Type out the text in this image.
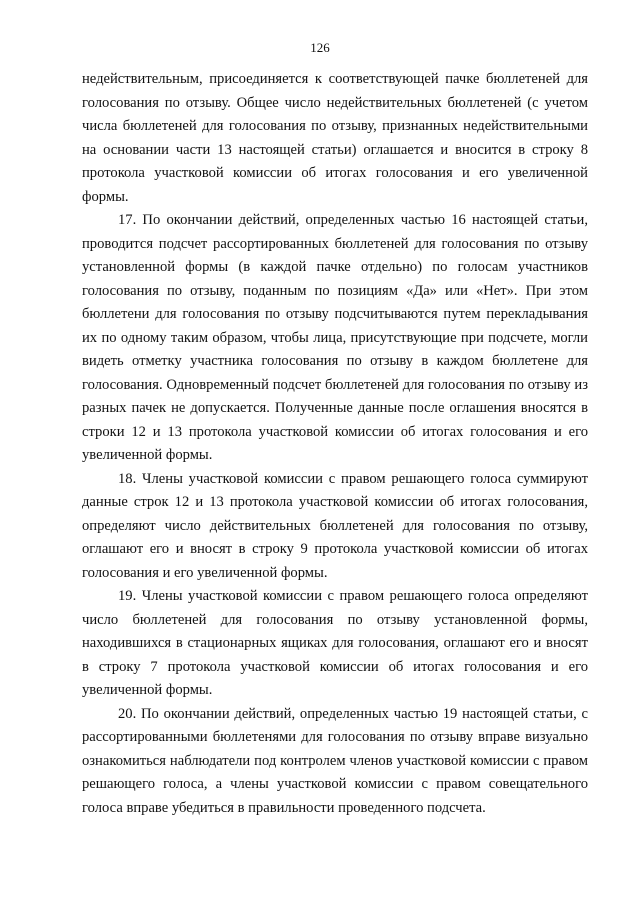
126

недействительным, присоединяется к соответствующей пачке бюллетеней для голосования по отзыву. Общее число недействительных бюллетеней (с учетом числа бюллетеней для голосования по отзыву, признанных недействительными на основании части 13 настоящей статьи) оглашается и вносится в строку 8 протокола участковой комиссии об итогах голосования и его увеличенной формы.

17. По окончании действий, определенных частью 16 настоящей статьи, проводится подсчет рассортированных бюллетеней для голосования по отзыву установленной формы (в каждой пачке отдельно) по голосам участников голосования по отзыву, поданным по позициям «Да» или «Нет». При этом бюллетени для голосования по отзыву подсчитываются путем перекладывания их по одному таким образом, чтобы лица, присутствующие при подсчете, могли видеть отметку участника голосования по отзыву в каждом бюллетене для голосования. Одновременный подсчет бюллетеней для голосования по отзыву из разных пачек не допускается. Полученные данные после оглашения вносятся в строки 12 и 13 протокола участковой комиссии об итогах голосования и его увеличенной формы.

18. Члены участковой комиссии с правом решающего голоса суммируют данные строк 12 и 13 протокола участковой комиссии об итогах голосования, определяют число действительных бюллетеней для голосования по отзыву, оглашают его и вносят в строку 9 протокола участковой комиссии об итогах голосования и его увеличенной формы.

19. Члены участковой комиссии с правом решающего голоса определяют число бюллетеней для голосования по отзыву установленной формы, находившихся в стационарных ящиках для голосования, оглашают его и вносят в строку 7 протокола участковой комиссии об итогах голосования и его увеличенной формы.

20. По окончании действий, определенных частью 19 настоящей статьи, с рассортированными бюллетенями для голосования по отзыву вправе визуально ознакомиться наблюдатели под контролем членов участковой комиссии с правом решающего голоса, а члены участковой комиссии с правом совещательного голоса вправе убедиться в правильности проведенного подсчета.
